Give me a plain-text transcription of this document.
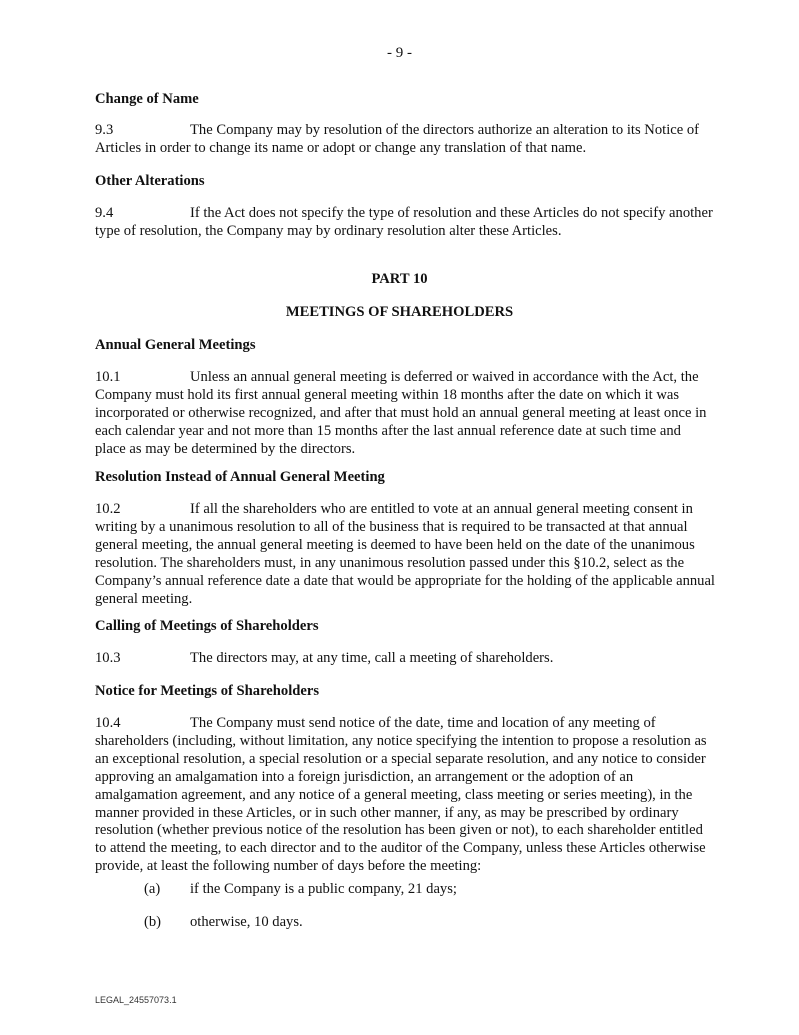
- 9 -
Change of Name
9.3	The Company may by resolution of the directors authorize an alteration to its Notice of Articles in order to change its name or adopt or change any translation of that name.
Other Alterations
9.4	If the Act does not specify the type of resolution and these Articles do not specify another type of resolution, the Company may by ordinary resolution alter these Articles.
PART 10
MEETINGS OF SHAREHOLDERS
Annual General Meetings
10.1	Unless an annual general meeting is deferred or waived in accordance with the Act, the Company must hold its first annual general meeting within 18 months after the date on which it was incorporated or otherwise recognized, and after that must hold an annual general meeting at least once in each calendar year and not more than 15 months after the last annual reference date at such time and place as may be determined by the directors.
Resolution Instead of Annual General Meeting
10.2	If all the shareholders who are entitled to vote at an annual general meeting consent in writing by a unanimous resolution to all of the business that is required to be transacted at that annual general meeting, the annual general meeting is deemed to have been held on the date of the unanimous resolution. The shareholders must, in any unanimous resolution passed under this §10.2, select as the Company’s annual reference date a date that would be appropriate for the holding of the applicable annual general meeting.
Calling of Meetings of Shareholders
10.3	The directors may, at any time, call a meeting of shareholders.
Notice for Meetings of Shareholders
10.4	The Company must send notice of the date, time and location of any meeting of shareholders (including, without limitation, any notice specifying the intention to propose a resolution as an exceptional resolution, a special resolution or a special separate resolution, and any notice to consider approving an amalgamation into a foreign jurisdiction, an arrangement or the adoption of an amalgamation agreement, and any notice of a general meeting, class meeting or series meeting), in the manner provided in these Articles, or in such other manner, if any, as may be prescribed by ordinary resolution (whether previous notice of the resolution has been given or not), to each shareholder entitled to attend the meeting, to each director and to the auditor of the Company, unless these Articles otherwise provide, at least the following number of days before the meeting:
(a) if the Company is a public company, 21 days;
(b) otherwise, 10 days.
LEGAL_24557073.1
